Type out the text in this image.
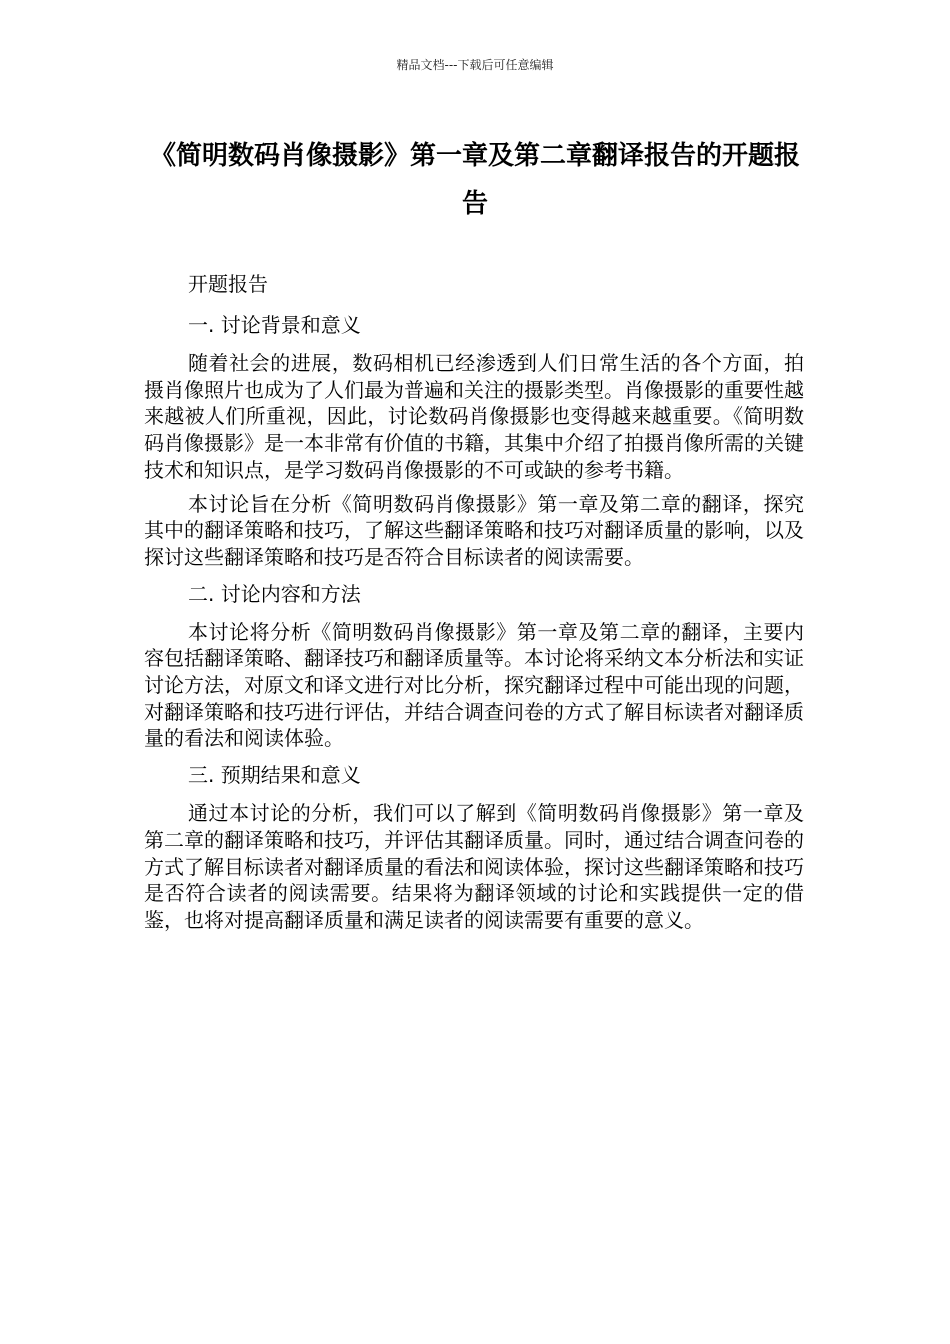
精品文档---下载后可任意编辑
《简明数码肖像摄影》第一章及第二章翻译报告的开题报告

开题报告

一. 讨论背景和意义

随着社会的进展，数码相机已经渗透到人们日常生活的各个方面，拍摄肖像照片也成为了人们最为普遍和关注的摄影类型。肖像摄影的重要性越来越被人们所重视，因此，讨论数码肖像摄影也变得越来越重要。《简明数码肖像摄影》是一本非常有价值的书籍，其集中介绍了拍摄肖像所需的关键技术和知识点，是学习数码肖像摄影的不可或缺的参考书籍。

本讨论旨在分析《简明数码肖像摄影》第一章及第二章的翻译，探究其中的翻译策略和技巧，了解这些翻译策略和技巧对翻译质量的影响，以及探讨这些翻译策略和技巧是否符合目标读者的阅读需要。

二. 讨论内容和方法

本讨论将分析《简明数码肖像摄影》第一章及第二章的翻译，主要内容包括翻译策略、翻译技巧和翻译质量等。本讨论将采纳文本分析法和实证讨论方法，对原文和译文进行对比分析，探究翻译过程中可能出现的问题，对翻译策略和技巧进行评估，并结合调查问卷的方式了解目标读者对翻译质量的看法和阅读体验。

三. 预期结果和意义

通过本讨论的分析，我们可以了解到《简明数码肖像摄影》第一章及第二章的翻译策略和技巧，并评估其翻译质量。同时，通过结合调查问卷的方式了解目标读者对翻译质量的看法和阅读体验，探讨这些翻译策略和技巧是否符合读者的阅读需要。结果将为翻译领域的讨论和实践提供一定的借鉴，也将对提高翻译质量和满足读者的阅读需要有重要的意义。
